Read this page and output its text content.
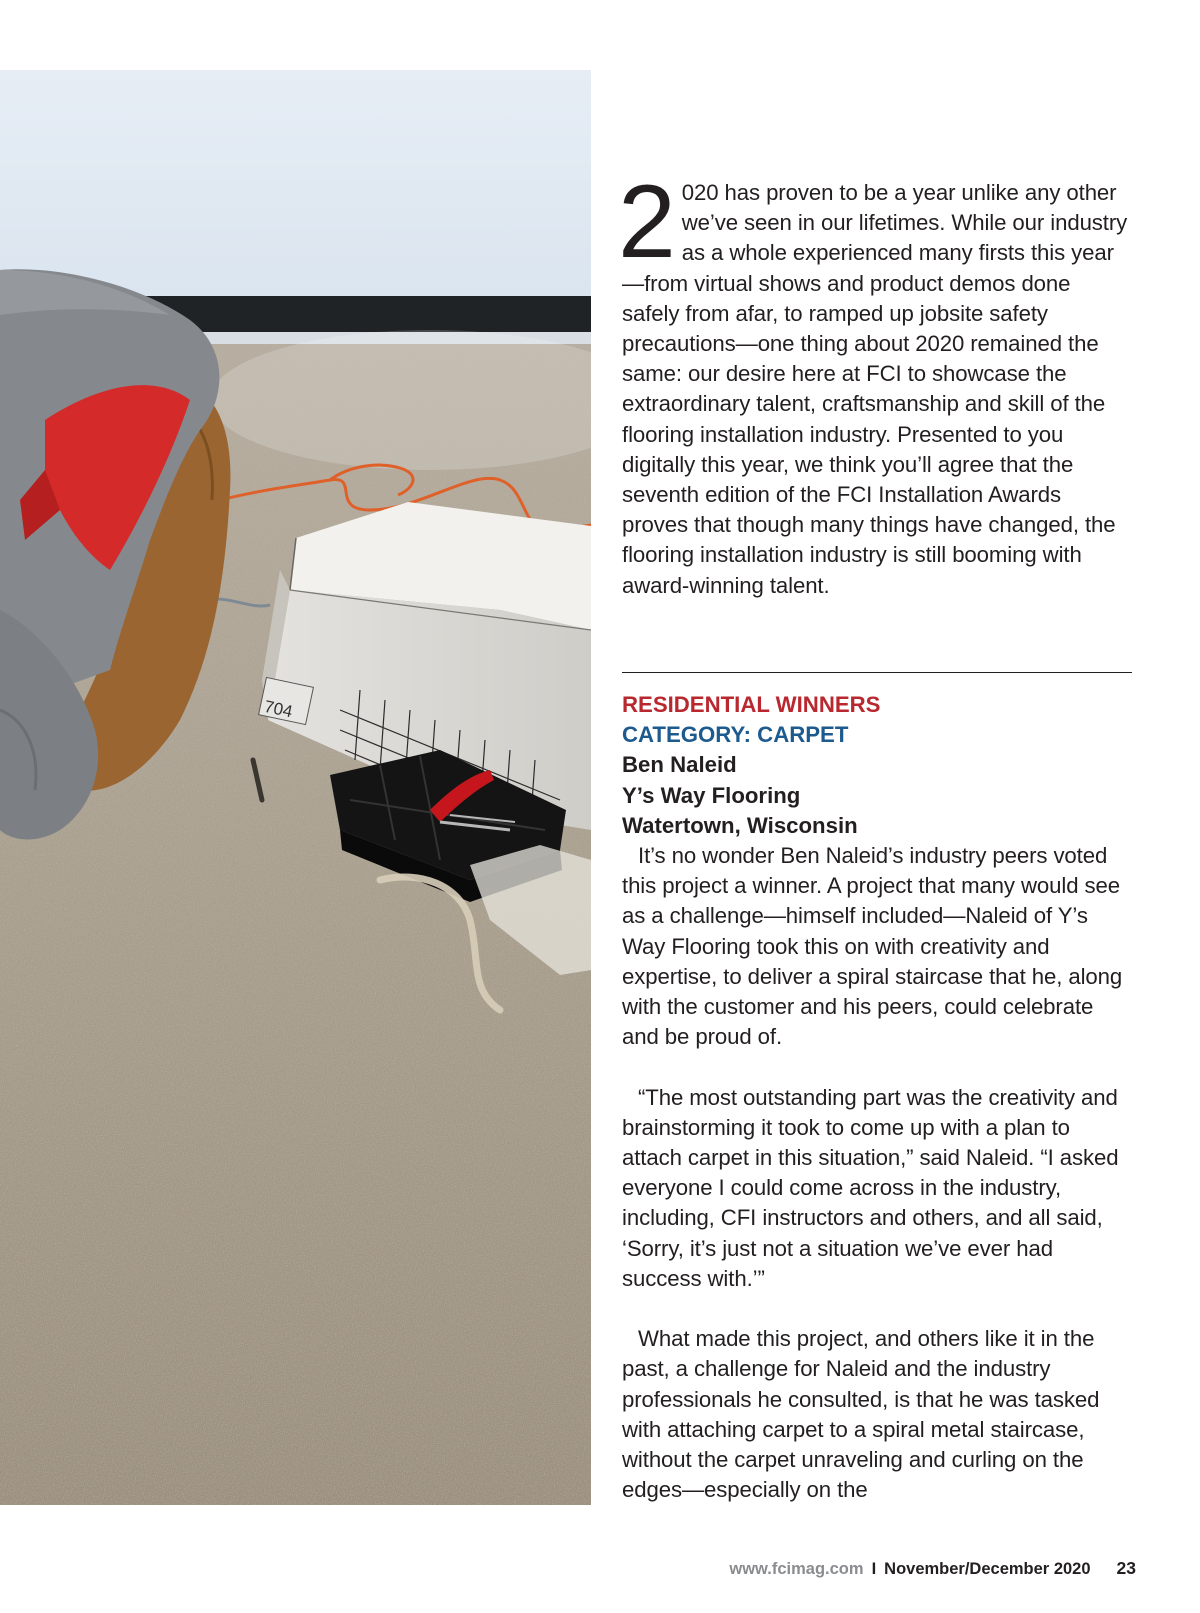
704

2 020 has proven to be a year unlike any other we’ve seen in our lifetimes. While our industry as a whole experienced many firsts this year—from virtual shows and product demos done safely from afar, to ramped up jobsite safety precautions—one thing about 2020 remained the same: our desire here at FCI to showcase the extraordinary talent, craftsmanship and skill of the flooring installation industry. Presented to you digitally this year, we think you’ll agree that the seventh edition of the FCI Installation Awards proves that though many things have changed, the flooring installation industry is still booming with award-winning talent.

RESIDENTIAL WINNERS

CATEGORY: CARPET

Ben Naleid

Y’s Way Flooring

Watertown, Wisconsin

It’s no wonder Ben Naleid’s industry peers voted this project a winner. A project that many would see as a challenge—himself included—Naleid of Y’s Way Flooring took this on with creativity and expertise, to deliver a spiral staircase that he, along with the customer and his peers, could celebrate and be proud of.

“The most outstanding part was the creativity and brainstorming it took to come up with a plan to attach carpet in this situation,” said Naleid. “I asked everyone I could come across in the industry, including, CFI instructors and others, and all said, ‘Sorry, it’s just not a situation we’ve ever had success with.’”

What made this project, and others like it in the past, a challenge for Naleid and the industry professionals he consulted, is that he was tasked with attaching carpet to a spiral metal staircase, without the carpet unraveling and curling on the edges—especially on the

www.fcimag.com I November/December 2020 23
